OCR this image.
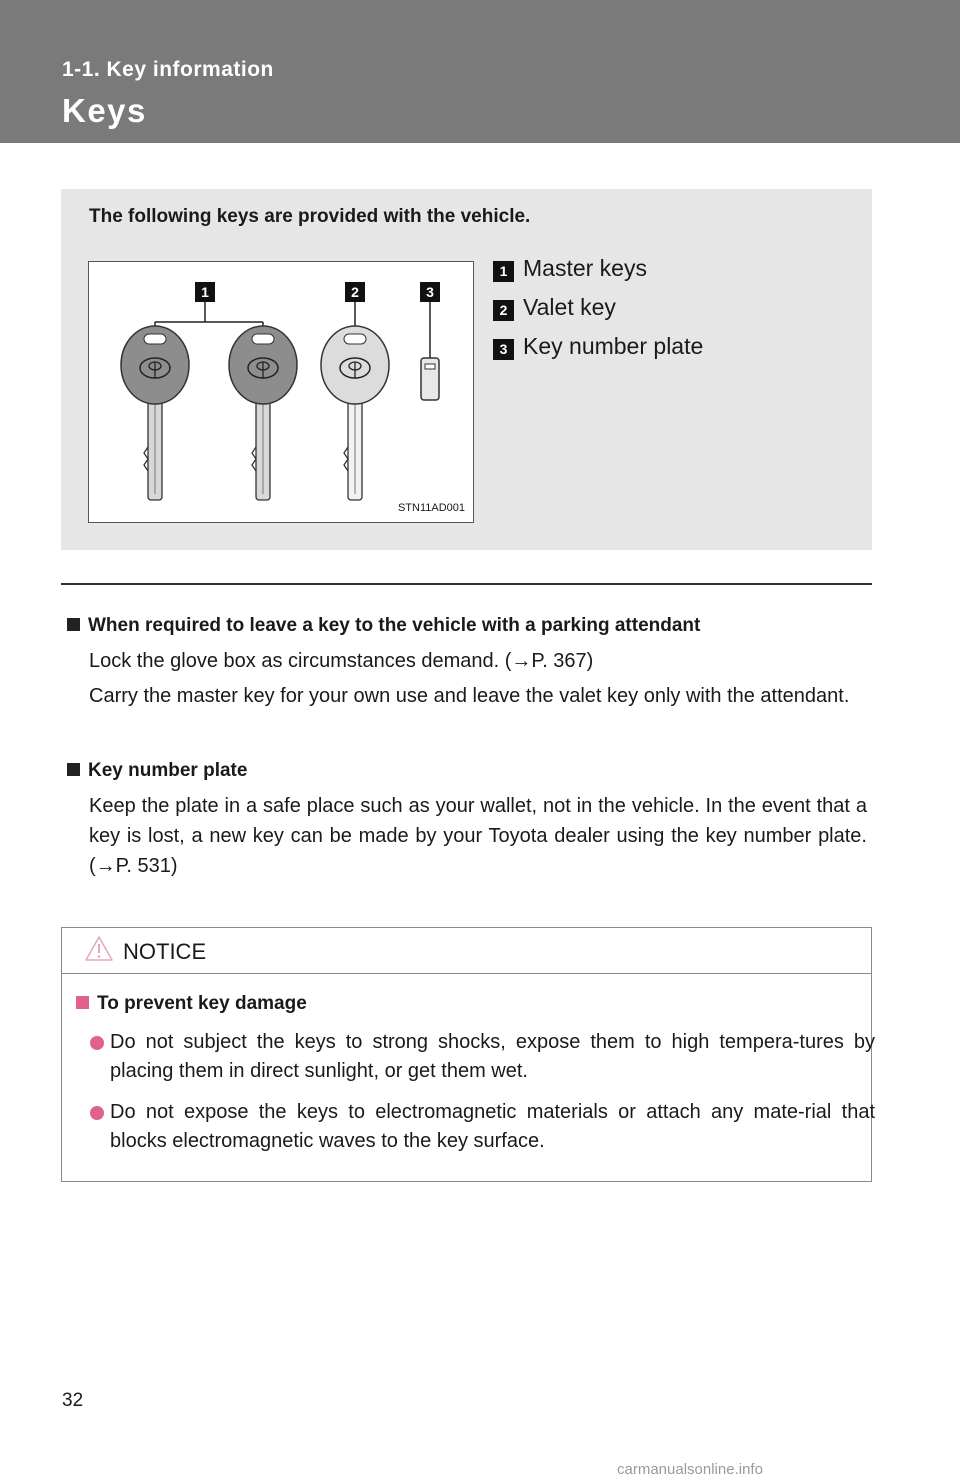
1-1. Key information
Keys
The following keys are provided with the vehicle.
1	2	3
STN11AD001
1 Master keys
2 Valet key
3 Key number plate
When required to leave a key to the vehicle with a parking attendant

Lock the glove box as circumstances demand. (→P. 367)

Carry the master key for your own use and leave the valet key only with the attendant.

Key number plate

Keep the plate in a safe place such as your wallet, not in the vehicle. In the event that a key is lost, a new key can be made by your Toyota dealer using the key number plate. (→P. 531)

NOTICE
To prevent key damage
Do not subject the keys to strong shocks, expose them to high tempera-tures by placing them in direct sunlight, or get them wet.
Do not expose the keys to electromagnetic materials or attach any mate-rial that blocks electromagnetic waves to the key surface.
32
carmanualsonline.info
